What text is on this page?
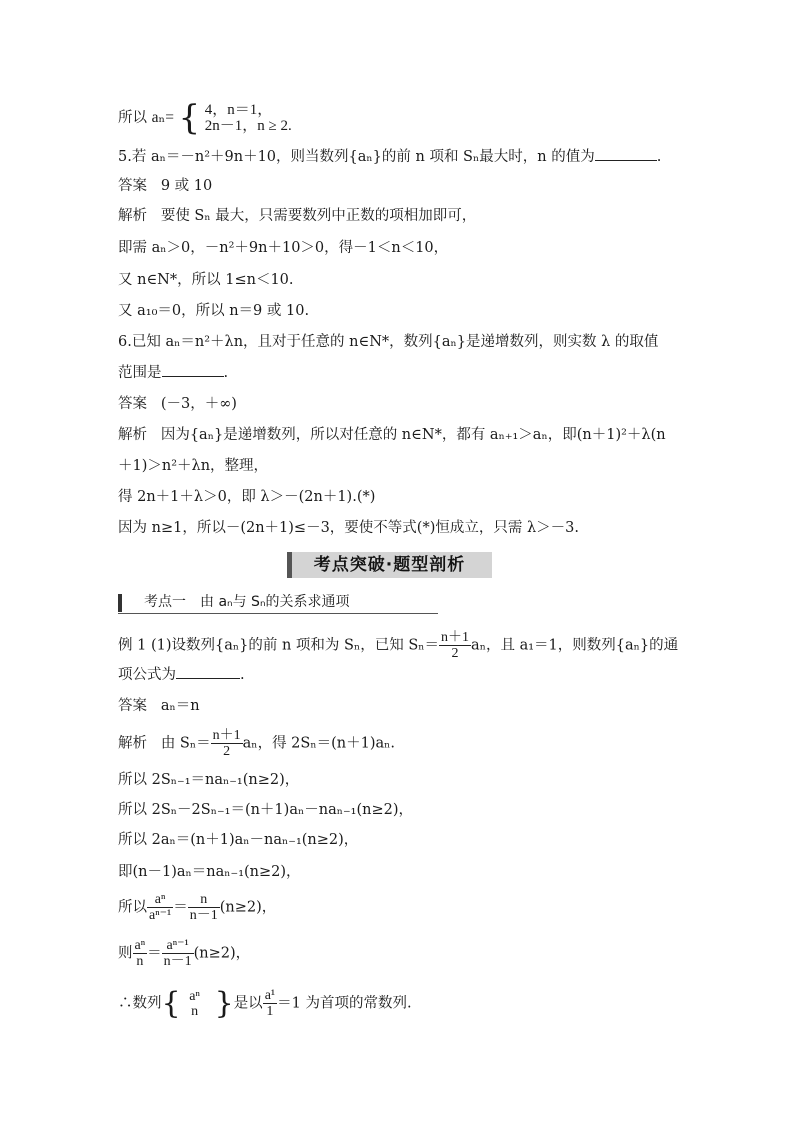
所以 aₙ= { 4，n＝1，
2n－1，n ≥ 2.
5.若 aₙ＝－n²＋9n＋10，则当数列{aₙ}的前 n 项和 Sₙ最大时，n 的值为	.
答案 9 或 10
解析 要使 Sₙ 最大，只需要数列中正数的项相加即可，
即需 aₙ＞0，－n²＋9n＋10＞0，得－1＜n＜10，
又 n∈N*，所以 1≤n＜10.
又 a₁₀＝0，所以 n＝9 或 10.
6.已知 aₙ＝n²＋λn，且对于任意的 n∈N*，数列{aₙ}是递增数列，则实数 λ 的取值
范围是	.
答案 (－3，＋∞)
解析 因为{aₙ}是递增数列，所以对任意的 n∈N*，都有 aₙ₊₁＞aₙ，即(n＋1)²＋λ(n
＋1)＞n²＋λn，整理，
得 2n＋1＋λ＞0，即 λ＞－(2n＋1).(*)
因为 n≥1，所以－(2n＋1)≤－3，要使不等式(*)恒成立，只需 λ＞－3.
考点突破·题型剖析
考点一　由 aₙ与 Sₙ的关系求通项
例 1 (1)设数列{aₙ}的前 n 项和为 Sₙ，已知 $S_n= \frac{n+1}{2}$ aₙ，且 a₁＝1，则数列{aₙ}的通
项公式为	.
答案 aₙ＝n
解析 由 $S_n= \frac{n+1}{2}$ aₙ，得 2Sₙ＝(n＋1)aₙ.
所以 2Sₙ₋₁＝naₙ₋₁(n≥2)，
所以 2Sₙ－2Sₙ₋₁＝(n＋1)aₙ－naₙ₋₁(n≥2)，
所以 2aₙ＝(n＋1)aₙ－naₙ₋₁(n≥2)，
即(n－1)aₙ＝naₙ₋₁(n≥2)，
所以 $\frac{\text{aⁿ}}{\text{aⁿ⁻¹}} = \frac{n}{n-1} (n\ge 2)$，
则 $\frac{\text{aⁿ}}{n} = \frac{\text{aⁿ⁻¹}}{n-1} (n\ge 2)$，
∴数列{ aⁿ
n }是以 $\frac{\text{a¹}}{1} =1$ 为首项的常数列.
